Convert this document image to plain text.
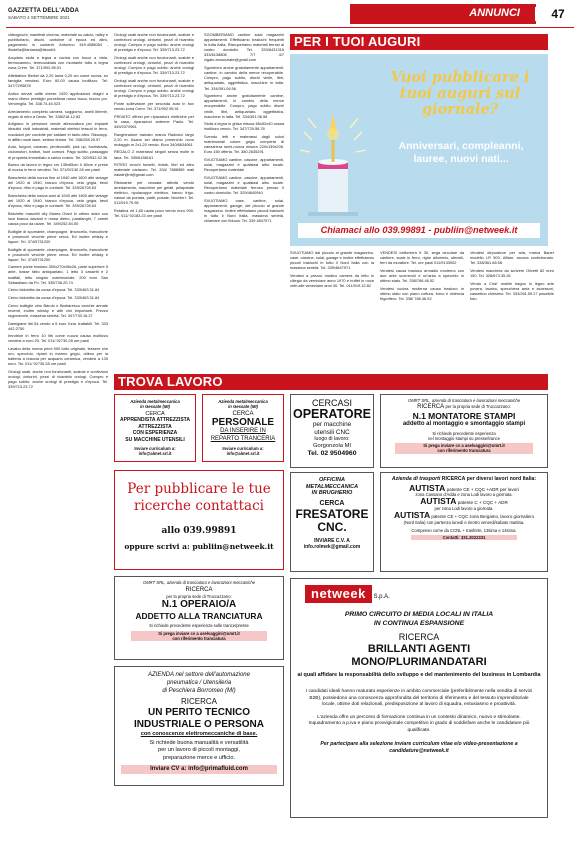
GAZZETTA DELL'ADDA
SABATO 4 SETTEMBRE 2021	ANNUNCI	47

videogiochi, manifesti cinema, materiale su calcio, ralley e pubblicitario, dischi, cartoline di epoca ed altro, pagamento in contanti. Antonino 349.4088064 - lfiodella@fantasia@tiscali.it

Acquisto stufa a legna a cucina con fuoco a vista, termocamino, termocaldaia con montante tutto a legna zona Crem. Tel. 371/592.95.91

Affettatrice Berkel da 2,20 lama 0,20 cm come nuova, ex famiglia vendesi. Euro 60,00 causa inutilizzo. Tel. 347/7295878

Antico servizi caffe cinese 1920 applicazioni draghi a mano rilievo prestigio porcellana rosso lacca, buono prz. Veromiglia. Tel. 338.74.44.023

Arredamento completo camera, soggiorno, anelli librerie, regalo di mtro a Desio. Tel. 338/218.12.83

Artigiano in pensione vende attrezzatura per impianti idraulici civili industriali, materiali elettrici tessuti in ferro, rosolatori per cordofle per saldare in tanto altro. Rasoapp. in affitto modi laser, settore tinture. Tel. 338/258.20.57

Auto, furgoni, caravan, pirotecnofili, pick up, fuoristrada, ciclomotori, trattori, fuori comuni. Pago subito, passaggio di proprietà immediato a carico nostro. Tel. 320/532.42.36

Banco da lavoro in legno cm 135x65cm h 80cm e prese di morsa in ferro vendesi. Tel. 371/92130 28 ore pasti

Biancheria della nonna fine al 1940 altri 1600 altri vintage del 1920 al 1940, bianco d'epoca, vela grigia, beuli d'epoca, ritiro e pago in contanti. Tel. 339/26728.63

Biancheria della nonna anni al 1940 altri 1600 altri vintage del 1920 al 1940, bianco d'epoca, vela grigia, beuli d'epoca, ritiro e pago in contanti. Tel. 339/26728.63

Biciclette maschili city Marea Giant in ottimo stato con luce bianca davanti e rossa dietro, parafanghi, 7 cambi causa poco da usare. Tel. 349/252.84.50

Bottiglie di spumante, champagne, limoncello, francoforte e prosecchi vecchie piene cerca. Ed inoltre whisky e liquori. Tel. 374/5731200

Bottiglie di spumante, champagne, limoncello, francoforte e prosecchi vecchie piene cerca. Ed inoltre whisky e liquori. Tel. 374/5731200

Camere ponte fossimo 300x270x58x26, parte superiore 5 ante, basse fatto antiquariato, 1 letto 3 cassetti e 2 scaffali, letto singolo matrimoniale, 200 euro San Sebastiano da Po. Tel. 335/736.20.74

Cerco bicicletta da corsa d'epoca. Tel. 333/463.31.84

Cerco bicicletta da corsa d'epoca. Tel. 333/463.31.84

Cerco bottiglie vino Barolo e Barbaresco vecchie annate recenti, inoltre whisky e altri vini importanti. Prezzo ragionevole, massima serietà. Tel. 347/733.16.27

Damigiane litri 54 vendo a 5 euro l'una. trattabili. Tel. 333 442.2750

Imrotrice in ferro 10 litri come nuova causa inutilizzo vendesi a euro 20. Tel. 011/ 92730.28 ore pasti

Lavabo della nonna primi 900 tutto originale, tessere che oro, specchio, ripiani in marmo grigio, ottimo per la batteria a braccia per acquario ceramica, vendesi a 130 euro. Tel. 011/ 92730.28 ore pasti

Orologi usati, anche non funzionanti, scatole e confezioni orologi, cinturini, pezzi di ricambio orologi. Compro e pago subito: anche orologi di prestigio e d'epoca. Tel. 339/713.23.72

Orologi usati anche non funzionanti, scatole e confezioni orologi, cinturini, pezzi di ricambio orologi. Compro e pago subito: anche orologi di prestigio e d'epoca. Tel. 339/713.23.72

Orologi usati anche non funzionanti, scatole e confezioni orologi, cinturini, pezzi di ricambio orologi. Compro e pago subito: anche orologi di prestigio e d'epoca. Tel. 339/713.23.72

Orologi usati anche non funzionanti, scatole e confezioni orologi, cinturini, pezzi di ricambio orologi. Compro e pago subito: anche orologi di prestigio e d'epoca. Tel. 339/713.23.72

Ponte sollevatore per seconda auto in box vendo zona Crem. Tel. 371/992.95.91

PRIVATO offresi per riparazioni elettriche per la casa, riparazioni antenne Paolo. Tel. 349/2370961

Ranghinatore trainato marca Radovici largo 2,20 m. Asano sei diamo prmerchio nono molaggio m 2x1,20 vendo. Euro 340/6634061

REGALO 2 materassi singoli senza molle in lana. Tel. 339/6158161

RITIRO vecchi fumetti, riviste, libri ed altro materiale cartaceo. Tel. 334/ 7888989 mail natale@nt@gmail.com

Ristorante per cessata attività vendo arredamento, macchine per gelati, pelapatate elettrico, ripulacoppe elettrico, banco frigo, vassoi da portata, piatti, posate, bicchieri. Tel. 011/919.79.98

Rotativa mt 1,65 usata poco vendo euro 900. Tel. 011/ 92183.23 ore pasti

SGOMBERIAMO cantine solai magazzini appartamenti. Effettuiamo traslochi frequenti in tutta Italia. Riscuperiamo materiali ferrosi al vostro domicilio Tel. 333/6431316 333/6138806 7/7 4/7 vigato.annunziate@gmail.com

Sgombero anche gratuitamente appartamenti, cantine, in cambio della merce recuperabile. Compro, pago subito, dischi vinile, libri, antiquariato, oggettistica, macchine in latta. Tel. 334/391.06.56

Sgombero anche gratuitamente cantine, appartamenti, in cambio della merce recuperabile. Compro, pago subito dischi vinile, libri, antiquariato, oggettistica, macchine in latta. Tel. 334/391.06.56

Stufa a legna in ghisa misura 65x52x40 causa inutilizzo vendo. Tel. 347/729.58.78

Svendo letti e materassi dagli colori matrimoniali colore grigio completa di zanzariera semi-nuova misura 220x139x206. Euro 150 offerta. Tel. 380.2635291

SVUOTIAMO cantine, cascine, appartamenti, solai, magazzini e qualsiasi altro locale. Recuperiamo materiale

SVUOTIAMO cantine, cascine, appartamenti, solai, magazzini e qualsiasi altro locale. Recuperiamo materiale ferroso presso il vostro domicilio. Tel. 329/4640940

SVUOTIAMO case, cantine, solai, appartamenti, garage, del piccolo al grande magazzino. Inoltre effettuiamo piccoli traslochi in tutto il Nord Italia, massima serietà, chiamare con fiducia. Tel. 339 4847971

SVUOTIAMO dal piccolo al grande magazzino, case, cascine, solai, garage e inoltre effettuiamo piccoli traslochi in tutto il Nord Italia con la massima serietà. Tel. 339/4847971

Vendesi a prezzo modico camera da letto in ciliegio da verniciare anno 1970 e buffet in noce vetri alle veneziane anni 30. Tel. 011/919.12.82

VENDESI bettoniera lt 30, sega circolare da cantiere, scale in ferro, righe alluminio, utensili, ferri da muratore. Tel. ore pasti 011/9133902

Vendesi causa trasloco armadio moderno con due ante scorrevoli e un'anta a specchio in ottimo stato. Tel. 338/766.46.52

Vendesi cucina moderna causa trasloco in ottimo stato con piano cottura, forno e videncia frigorifero. Tel. 338/ 766.46.52

Vendesi depuratore per aria, marca Bauer modello LR 500. Affare, ancora confezionato. Tel. 338/361.66.56

Vendesi macchina da scrivere Olivetti 82 euro 150. Tel. 328/673.35.26

Vendo a Cine' mobile bagno in legno arte povera, lavabo, specchiera anta e accessori, cassettoo chiesimo. Tel. 333/261.59.27 possibile foto

PER I TUOI AUGURI
TROVA LAVORO
Vuoi pubblicare i tuoi auguri sul giornale?
Anniversari, compleanni, lauree, nuovi nati...
Chiamaci allo 039.99891 - publiin@netweek.it
Azienda metalmeccanica
in Gessate (MI)
CERCA
APPRENDISTA ATTREZZISTA
ATTREZZISTA
CON ESPERIENZA
SU MACCHINE UTENSILI
Inviare curriculum a:
info@almet.srl.it
Azienda metalmeccanica
in Gessate (MI)
CERCA
PERSONALE
DA INSERIRE IN
REPARTO TRANCERIA
Inviare curriculum a:
info@almet.srl.it
CERCASI
OPERATORE
per macchine
utensili CNC
luogo di lavoro:
Gorgonzola MI
Tel. 02 9504960
OMRT SRL, azienda di tranciatura e lavorazioni meccaniche
RICERCA per la propria sede di Truccazzano:
N.1 MONTATORE STAMPI
addetto al montaggio e smontaggio stampi
Si richiede precedente esperienza
nel montaggio stampi su presse/trance
Si prega inviare cv a aselvaggini@omrt.it
con riferimento tranciatura
Per pubblicare le tue
ricerche contattaci
allo 039.99891
oppure scrivi a: publiin@netweek.it
OFFICINA
METALMECCANICA
IN BRUGHERIO
CERCA
FRESATORE
CNC.
INVIARE C.V. A
info.rolmek@gmail.com
Azienda di trasporti RICERCA per diversi lavori nord Italia:
AUTISTA patente CE + CQC +ADR per lavori
zona Cassano d'Adda e zona Lodi lavoro a giornata.
AUTISTA patente C + CQC + ADR
per zona Lodi lavoro a giornata.
AUTISTA patente CE + CQC zona Bergamo, lavoro giornaliero
(Nord Italia) con partenza lunedi e rientro venerdi/sabato mattina.
Compenso come da CCNL + trasferte, 13sima e 14sima.
Contatti: 331.2022331
OMRT SRL, azienda di tranciatura e lavorazioni meccaniche
RICERCA
per la propria sede di Truccazzano:
N.1 OPERAIO/A
ADDETTO ALLA TRANCIATURA
Si richiede precedente esperienza sulle trance/presse
Si prega inviare cv a aselvaggini@omrt.it
con riferimento tranciatura
netweek S.p.A.
PRIMO CIRCUITO DI MEDIA LOCALI IN ITALIA
IN CONTINUA ESPANSIONE
RICERCA
BRILLANTI AGENTI
MONO/PLURIMANDATARI
ai quali affidare la responsabilità dello sviluppo e del mantenimento del business in Lombardia
I candidati ideali hanno maturato esperienze in ambito commerciale (preferibilmente nella vendita di servizi B2B), possiedono una conoscenza approfondita del territorio di riferimento e del tessuto imprenditoriale locale, ottime doti relazionali, predisposizione al lavoro di squadra, entusiasmo e proattività.
L'azienda offre un percorso di formazione continua in un contesto dinamico, nuovo e stimolante. Inquadramento a p.iva e piano provvigionale competitivo in grado di soddisfare anche le candidature più qualificate.
Per partecipare alla selezione inviare curriculum vitae e/o video-presentazione a candidature@netweek.it
AZIENDA nel settore dell'automazione
pneumatica / Utensileria
di Peschiera Borromeo (MI)
RICERCA
UN PERITO TECNICO
INDUSTRIALE O PERSONA
con conoscenze elettromeccaniche di base.
Si richiede buona manualità e versatilità
per un lavoro di piccoli montaggi,
preparazione merce e ufficio.
Inviare CV a: info@primafluid.com
